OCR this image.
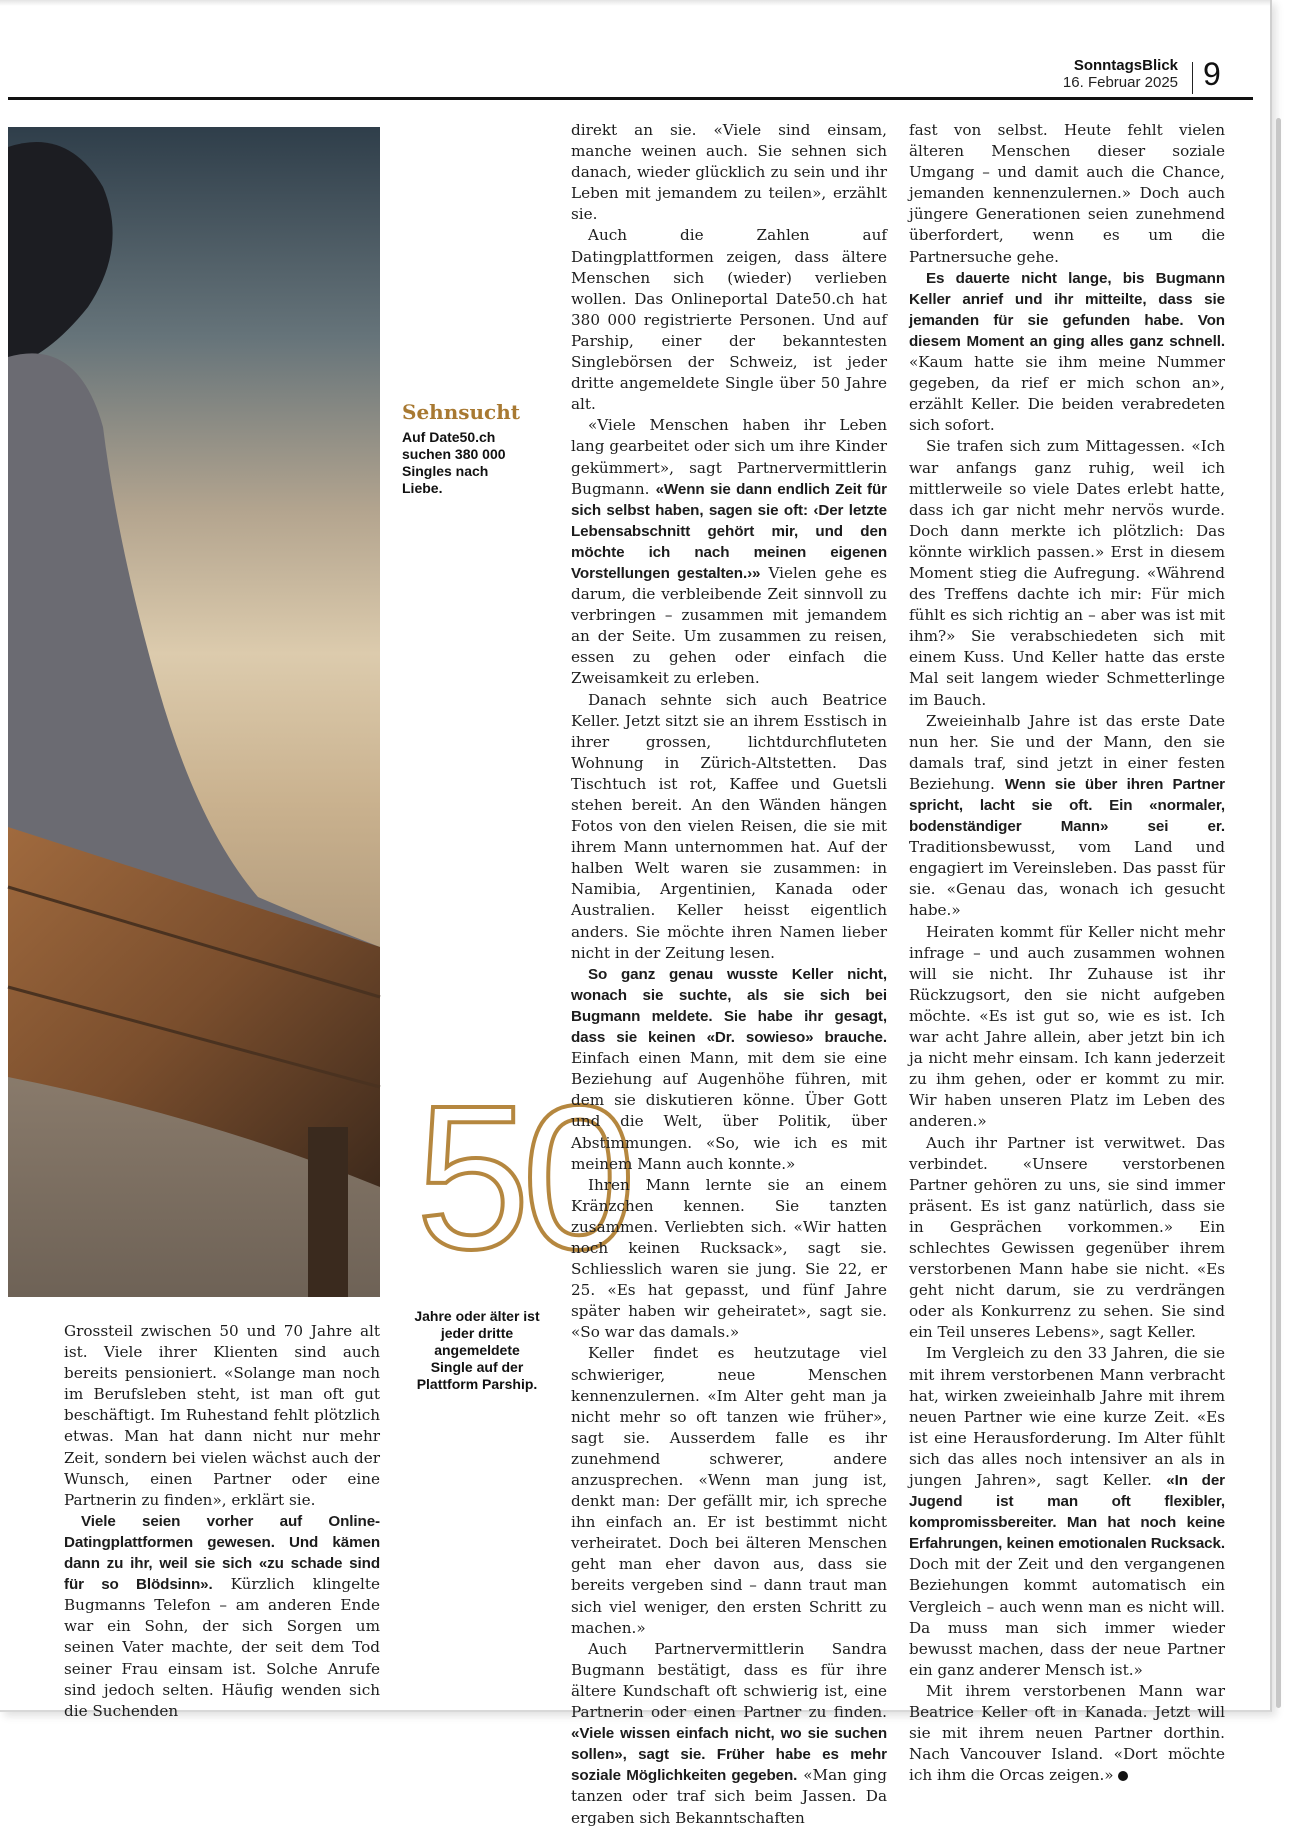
SonntagsBlick
16. Februar 2025 9
Sehnsucht
Auf Date50.ch suchen 380 000 Singles nach Liebe.
50
Jahre oder älter ist jeder dritte angemeldete Single auf der Plattform Parship.

Grossteil zwischen 50 und 70 Jahre alt ist. Viele ihrer Klienten sind auch bereits pensioniert. «Solange man noch im Berufsleben steht, ist man oft gut beschäftigt. Im Ruhestand fehlt plötzlich etwas. Man hat dann nicht nur mehr Zeit, sondern bei vielen wächst auch der Wunsch, einen Partner oder eine Partnerin zu finden», erklärt sie.

Viele seien vorher auf Online-Datingplattformen gewesen. Und kämen dann zu ihr, weil sie sich «zu schade sind für so Blödsinn». Kürzlich klingelte Bugmanns Telefon – am anderen Ende war ein Sohn, der sich Sorgen um seinen Vater machte, der seit dem Tod seiner Frau einsam ist. Solche Anrufe sind jedoch selten. Häufig wenden sich die Suchenden

direkt an sie. «Viele sind einsam, manche weinen auch. Sie sehnen sich danach, wieder glücklich zu sein und ihr Leben mit jemandem zu teilen», erzählt sie.

Auch die Zahlen auf Datingplattformen zeigen, dass ältere Menschen sich (wieder) verlieben wollen. Das Onlineportal Date50.ch hat 380 000 registrierte Personen. Und auf Parship, einer der bekanntesten Singlebörsen der Schweiz, ist jeder dritte angemeldete Single über 50 Jahre alt.

«Viele Menschen haben ihr Leben lang gearbeitet oder sich um ihre Kinder gekümmert», sagt Partnervermittlerin Bugmann. «Wenn sie dann endlich Zeit für sich selbst haben, sagen sie oft: ‹Der letzte Lebensabschnitt gehört mir, und den möchte ich nach meinen eigenen Vorstellungen gestalten.›» Vielen gehe es darum, die verbleibende Zeit sinnvoll zu verbringen – zusammen mit jemandem an der Seite. Um zusammen zu reisen, essen zu gehen oder einfach die Zweisamkeit zu erleben.

Danach sehnte sich auch Beatrice Keller. Jetzt sitzt sie an ihrem Esstisch in ihrer grossen, lichtdurchfluteten Wohnung in Zürich-Altstetten. Das Tischtuch ist rot, Kaffee und Guetsli stehen bereit. An den Wänden hängen Fotos von den vielen Reisen, die sie mit ihrem Mann unternommen hat. Auf der halben Welt waren sie zusammen: in Namibia, Argentinien, Kanada oder Australien. Keller heisst eigentlich anders. Sie möchte ihren Namen lieber nicht in der Zeitung lesen.

So ganz genau wusste Keller nicht, wonach sie suchte, als sie sich bei Bugmann meldete. Sie habe ihr gesagt, dass sie keinen «Dr. sowieso» brauche. Einfach einen Mann, mit dem sie eine Beziehung auf Augenhöhe führen, mit dem sie diskutieren könne. Über Gott und die Welt, über Politik, über Abstimmungen. «So, wie ich es mit meinem Mann auch konnte.»

Ihren Mann lernte sie an einem Kränzchen kennen. Sie tanzten zusammen. Verliebten sich. «Wir hatten noch keinen Rucksack», sagt sie. Schliesslich waren sie jung. Sie 22, er 25. «Es hat gepasst, und fünf Jahre später haben wir geheiratet», sagt sie. «So war das damals.»

Keller findet es heutzutage viel schwieriger, neue Menschen kennenzulernen. «Im Alter geht man ja nicht mehr so oft tanzen wie früher», sagt sie. Ausserdem falle es ihr zunehmend schwerer, andere anzusprechen. «Wenn man jung ist, denkt man: Der gefällt mir, ich spreche ihn einfach an. Er ist bestimmt nicht verheiratet. Doch bei älteren Menschen geht man eher davon aus, dass sie bereits vergeben sind – dann traut man sich viel weniger, den ersten Schritt zu machen.»

Auch Partnervermittlerin Sandra Bugmann bestätigt, dass es für ihre ältere Kundschaft oft schwierig ist, eine Partnerin oder einen Partner zu finden. «Viele wissen einfach nicht, wo sie suchen sollen», sagt sie. Früher habe es mehr soziale Möglichkeiten gegeben. «Man ging tanzen oder traf sich beim Jassen. Da ergaben sich Bekanntschaften

fast von selbst. Heute fehlt vielen älteren Menschen dieser soziale Umgang – und damit auch die Chance, jemanden kennenzulernen.» Doch auch jüngere Generationen seien zunehmend überfordert, wenn es um die Partnersuche gehe.

Es dauerte nicht lange, bis Bugmann Keller anrief und ihr mitteilte, dass sie jemanden für sie gefunden habe. Von diesem Moment an ging alles ganz schnell. «Kaum hatte sie ihm meine Nummer gegeben, da rief er mich schon an», erzählt Keller. Die beiden verabredeten sich sofort.

Sie trafen sich zum Mittagessen. «Ich war anfangs ganz ruhig, weil ich mittlerweile so viele Dates erlebt hatte, dass ich gar nicht mehr nervös wurde. Doch dann merkte ich plötzlich: Das könnte wirklich passen.» Erst in diesem Moment stieg die Aufregung. «Während des Treffens dachte ich mir: Für mich fühlt es sich richtig an – aber was ist mit ihm?» Sie verabschiedeten sich mit einem Kuss. Und Keller hatte das erste Mal seit langem wieder Schmetterlinge im Bauch.

Zweieinhalb Jahre ist das erste Date nun her. Sie und der Mann, den sie damals traf, sind jetzt in einer festen Beziehung. Wenn sie über ihren Partner spricht, lacht sie oft. Ein «normaler, bodenständiger Mann» sei er. Traditionsbewusst, vom Land und engagiert im Vereinsleben. Das passt für sie. «Genau das, wonach ich gesucht habe.»

Heiraten kommt für Keller nicht mehr infrage – und auch zusammen wohnen will sie nicht. Ihr Zuhause ist ihr Rückzugsort, den sie nicht aufgeben möchte. «Es ist gut so, wie es ist. Ich war acht Jahre allein, aber jetzt bin ich ja nicht mehr einsam. Ich kann jederzeit zu ihm gehen, oder er kommt zu mir. Wir haben unseren Platz im Leben des anderen.»

Auch ihr Partner ist verwitwet. Das verbindet. «Unsere verstorbenen Partner gehören zu uns, sie sind immer präsent. Es ist ganz natürlich, dass sie in Gesprächen vorkommen.» Ein schlechtes Gewissen gegenüber ihrem verstorbenen Mann habe sie nicht. «Es geht nicht darum, sie zu verdrängen oder als Konkurrenz zu sehen. Sie sind ein Teil unseres Lebens», sagt Keller.

Im Vergleich zu den 33 Jahren, die sie mit ihrem verstorbenen Mann verbracht hat, wirken zweieinhalb Jahre mit ihrem neuen Partner wie eine kurze Zeit. «Es ist eine Herausforderung. Im Alter fühlt sich das alles noch intensiver an als in jungen Jahren», sagt Keller. «In der Jugend ist man oft flexibler, kompromissbereiter. Man hat noch keine Erfahrungen, keinen emotionalen Rucksack. Doch mit der Zeit und den vergangenen Beziehungen kommt automatisch ein Vergleich – auch wenn man es nicht will. Da muss man sich immer wieder bewusst machen, dass der neue Partner ein ganz anderer Mensch ist.»

Mit ihrem verstorbenen Mann war Beatrice Keller oft in Kanada. Jetzt will sie mit ihrem neuen Partner dorthin. Nach Vancouver Island. «Dort möchte ich ihm die Orcas zeigen.»
